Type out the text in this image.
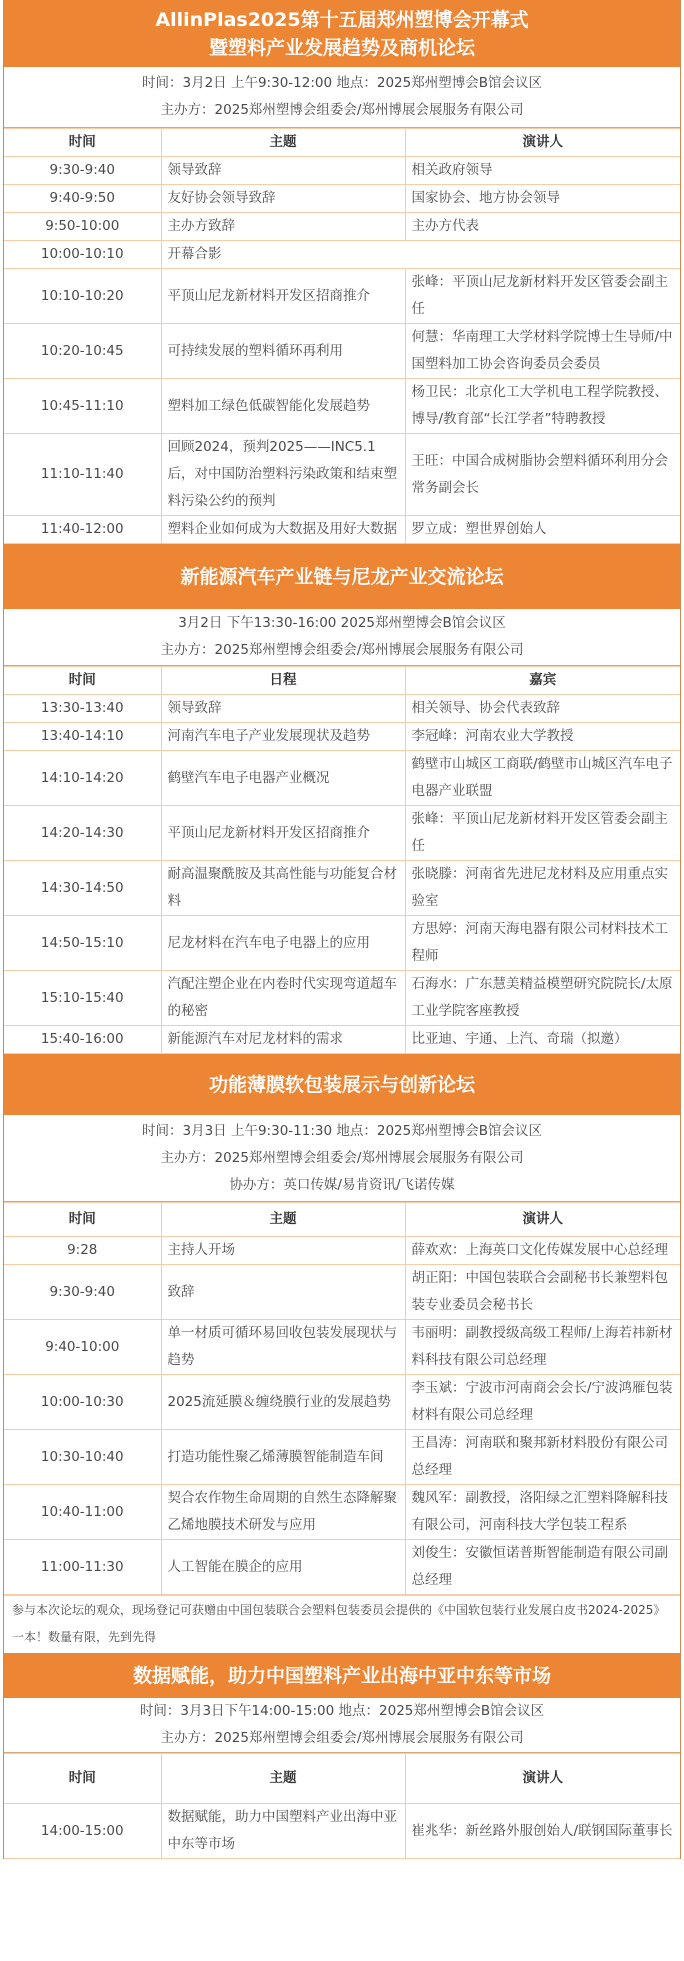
AllinPlas2025第十五届郑州塑博会开幕式
暨塑料产业发展趋势及商机论坛
时间：3月2日 上午9:30-12:00 地点：2025郑州塑博会B馆会议区
主办方：2025郑州塑博会组委会/郑州博展会展服务有限公司
时间	主题	演讲人
9:30-9:40	领导致辞	相关政府领导
9:40-9:50	友好协会领导致辞	国家协会、地方协会领导
9:50-10:00	主办方致辞	主办方代表
10:00-10:10	开幕合影	
10:10-10:20	平顶山尼龙新材料开发区招商推介	张峰：平顶山尼龙新材料开发区管委会副主任
10:20-10:45	可持续发展的塑料循环再利用	何慧：华南理工大学材料学院博士生导师/中国塑料加工协会咨询委员会委员
10:45-11:10	塑料加工绿色低碳智能化发展趋势	杨卫民：北京化工大学机电工程学院教授、博导/教育部“长江学者”特聘教授
11:10-11:40	回顾2024，预判2025——INC5.1后，对中国防治塑料污染政策和结束塑料污染公约的预判	王旺：中国合成树脂协会塑料循环利用分会常务副会长
11:40-12:00	塑料企业如何成为大数据及用好大数据	罗立成：塑世界创始人
新能源汽车产业链与尼龙产业交流论坛
3月2日 下午13:30-16:00 2025郑州塑博会B馆会议区
主办方：2025郑州塑博会组委会/郑州博展会展服务有限公司
时间	日程	嘉宾
13:30-13:40	领导致辞	相关领导、协会代表致辞
13:40-14:10	河南汽车电子产业发展现状及趋势	李冠峰：河南农业大学教授
14:10-14:20	鹤壁汽车电子电器产业概况	鹤壁市山城区工商联/鹤壁市山城区汽车电子电器产业联盟
14:20-14:30	平顶山尼龙新材料开发区招商推介	张峰：平顶山尼龙新材料开发区管委会副主任
14:30-14:50	耐高温聚酰胺及其高性能与功能复合材料	张晓滕：河南省先进尼龙材料及应用重点实验室
14:50-15:10	尼龙材料在汽车电子电器上的应用	方思婷：河南天海电器有限公司材料技术工程师
15:10-15:40	汽配注塑企业在内卷时代实现弯道超车的秘密	石海水：广东慧美精益模塑研究院院长/太原工业学院客座教授
15:40-16:00	新能源汽车对尼龙材料的需求	比亚迪、宇通、上汽、奇瑞（拟邀）
功能薄膜软包装展示与创新论坛
时间：3月3日 上午9:30-11:30 地点：2025郑州塑博会B馆会议区
主办方：2025郑州塑博会组委会/郑州博展会展服务有限公司
协办方：英口传媒/易肯资讯/飞诺传媒
时间	主题	演讲人
9:28	主持人开场	薛欢欢：上海英口文化传媒发展中心总经理
9:30-9:40	致辞	胡正阳：中国包装联合会副秘书长兼塑料包装专业委员会秘书长
9:40-10:00	单一材质可循环易回收包装发展现状与趋势	韦丽明：副教授级高级工程师/上海若祎新材料科技有限公司总经理
10:00-10:30	2025流延膜＆缠绕膜行业的发展趋势	李玉斌：宁波市河南商会会长/宁波鸿雁包装材料有限公司总经理
10:30-10:40	打造功能性聚乙烯薄膜智能制造车间	王昌涛：河南联和聚邦新材料股份有限公司总经理
10:40-11:00	契合农作物生命周期的自然生态降解聚乙烯地膜技术研发与应用	魏风军：副教授，洛阳绿之汇塑料降解科技有限公司，河南科技大学包装工程系
11:00-11:30	人工智能在膜企的应用	刘俊生：安徽恒诺普斯智能制造有限公司副总经理
参与本次论坛的观众，现场登记可获赠由中国包装联合会塑料包装委员会提供的《中国软包装行业发展白皮书2024-2025》一本！数量有限，先到先得
数据赋能，助力中国塑料产业出海中亚中东等市场
时间：3月3日下午14:00-15:00 地点：2025郑州塑博会B馆会议区
主办方：2025郑州塑博会组委会/郑州博展会展服务有限公司
时间	主题	演讲人
14:00-15:00	数据赋能，助力中国塑料产业出海中亚中东等市场	崔兆华：新丝路外服创始人/联钢国际董事长
